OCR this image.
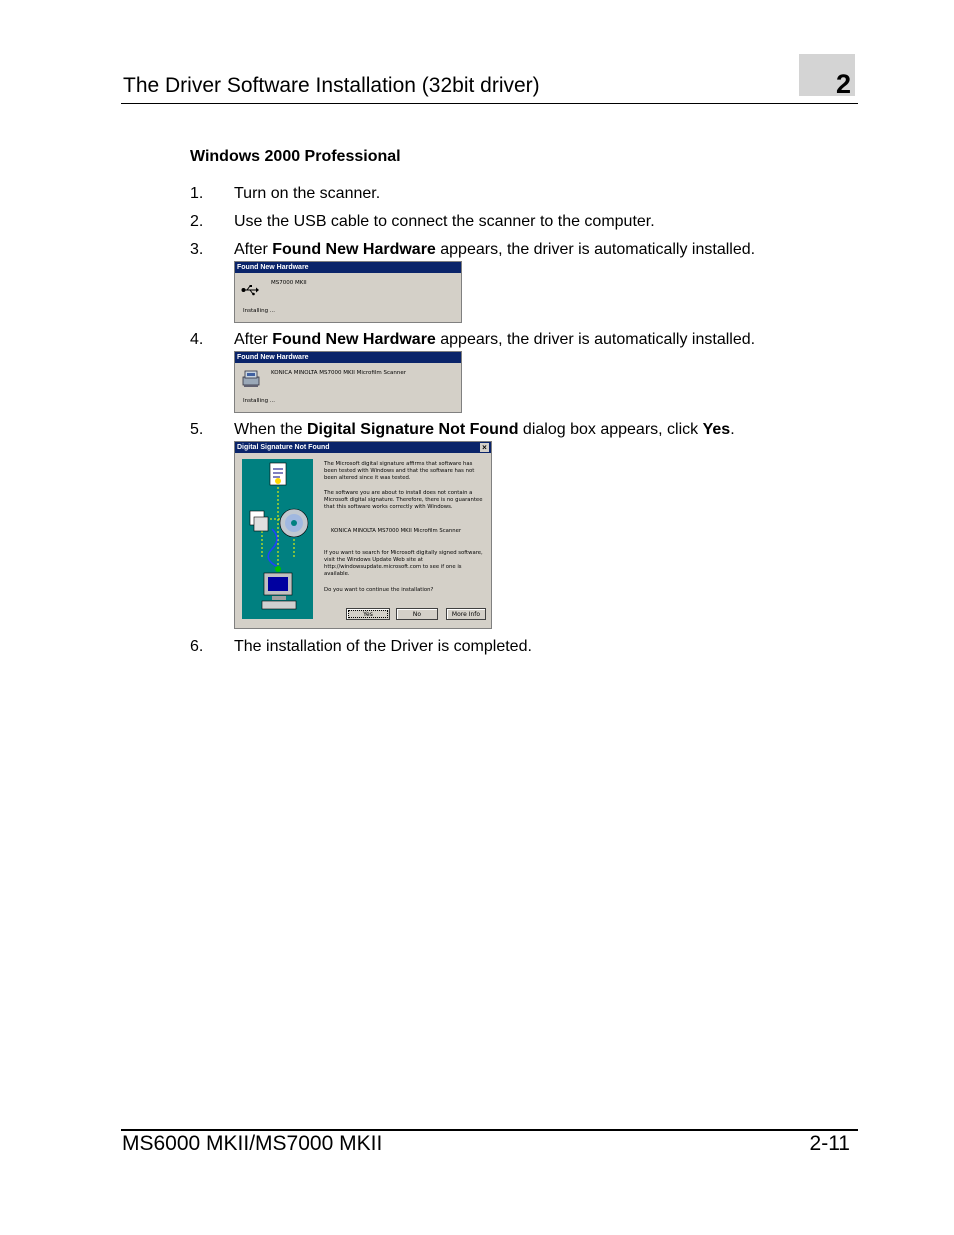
The Driver Software Installation (32bit driver)	2
Windows 2000 Professional
1. Turn on the scanner.
2. Use the USB cable to connect the scanner to the computer.
3. After Found New Hardware appears, the driver is automatically installed.
Found New Hardware
MS7000 MKII
Installing ...
4. After Found New Hardware appears, the driver is automatically installed.
Found New Hardware
KONICA MINOLTA MS7000 MKII Microfilm Scanner
Installing ...
5. When the Digital Signature Not Found dialog box appears, click Yes.
Digital Signature Not Found	×
The Microsoft digital signature affirms that software has been tested with Windows and that the software has not been altered since it was tested.
The software you are about to install does not contain a Microsoft digital signature. Therefore, there is no guarantee that this software works correctly with Windows.
KONICA MINOLTA MS7000 MKII Microfilm Scanner
If you want to search for Microsoft digitally signed software, visit the Windows Update Web site at http://windowsupdate.microsoft.com to see if one is available.
Do you want to continue the installation?
Yes	No	More Info
6. The installation of the Driver is completed.
MS6000 MKII/MS7000 MKII	2-11
